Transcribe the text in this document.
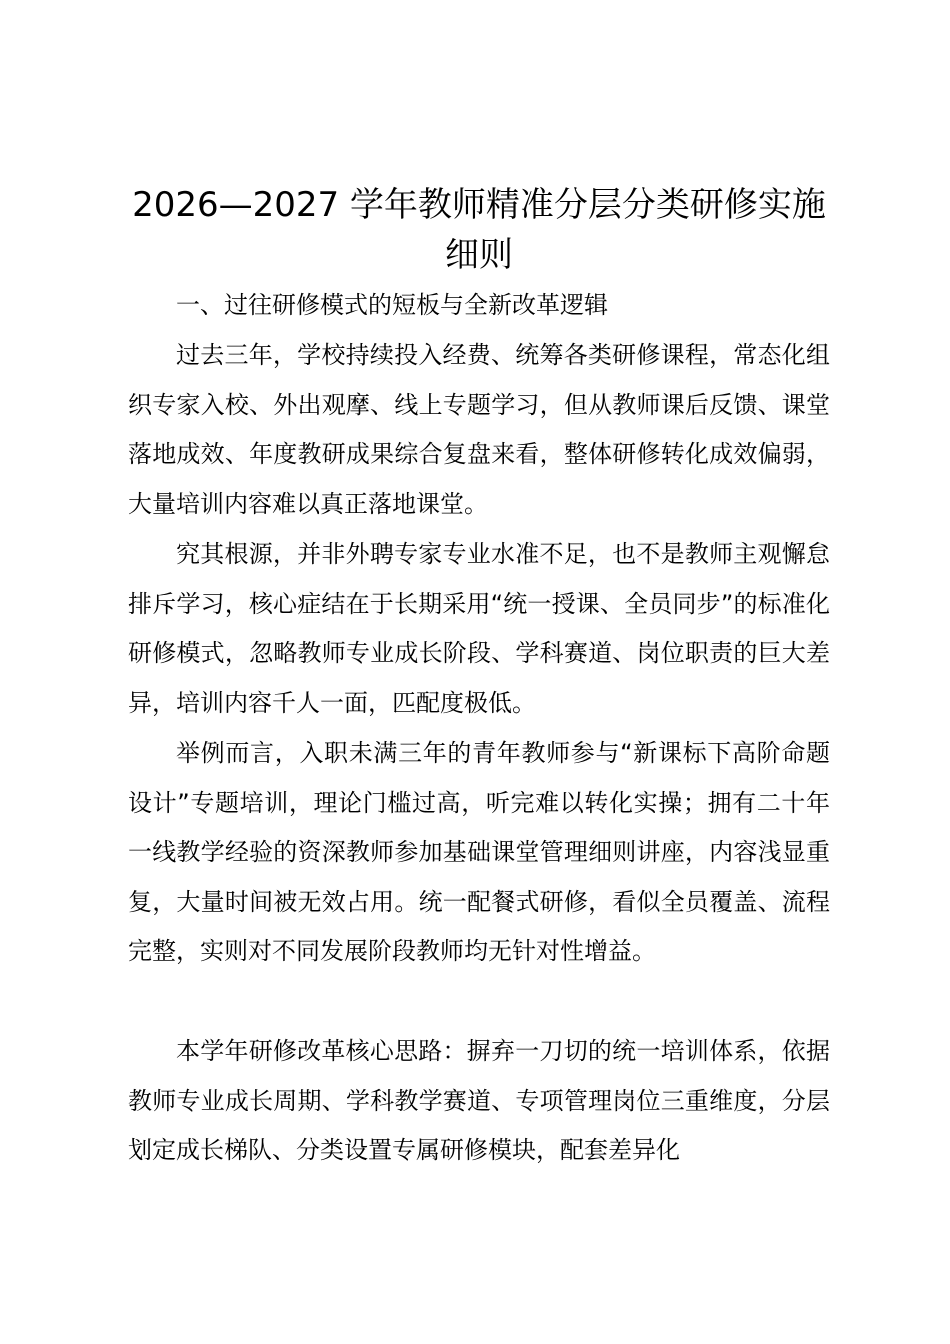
2026—2027 学年教师精准分层分类研修实施细则

一、过往研修模式的短板与全新改革逻辑

过去三年，学校持续投入经费、统筹各类研修课程，常态化组织专家入校、外出观摩、线上专题学习，但从教师课后反馈、课堂落地成效、年度教研成果综合复盘来看，整体研修转化成效偏弱，大量培训内容难以真正落地课堂。

究其根源，并非外聘专家专业水准不足，也不是教师主观懈怠排斥学习，核心症结在于长期采用“统一授课、全员同步”的标准化研修模式，忽略教师专业成长阶段、学科赛道、岗位职责的巨大差异，培训内容千人一面，匹配度极低。

举例而言，入职未满三年的青年教师参与“新课标下高阶命题设计”专题培训，理论门槛过高，听完难以转化实操；拥有二十年一线教学经验的资深教师参加基础课堂管理细则讲座，内容浅显重复，大量时间被无效占用。统一配餐式研修，看似全员覆盖、流程完整，实则对不同发展阶段教师均无针对性增益。

本学年研修改革核心思路：摒弃一刀切的统一培训体系，依据教师专业成长周期、学科教学赛道、专项管理岗位三重维度，分层划定成长梯队、分类设置专属研修模块，配套差异化
